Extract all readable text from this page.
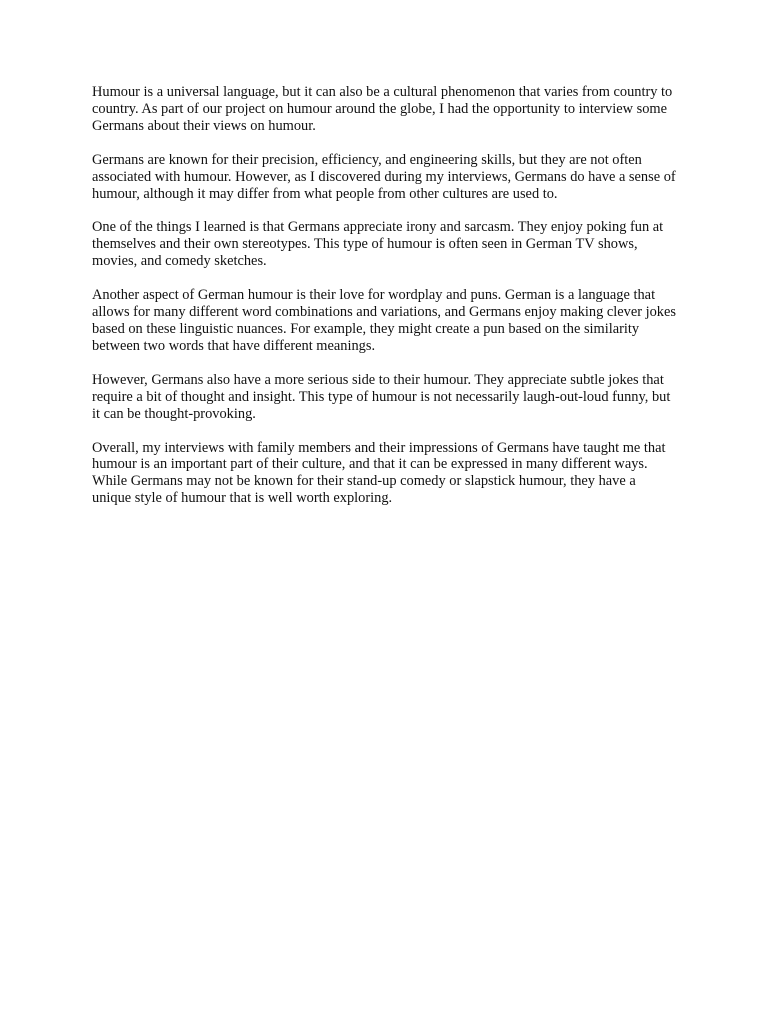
Humour is a universal language, but it can also be a cultural phenomenon that varies from country to country. As part of our project on humour around the globe, I had the opportunity to interview some Germans about their views on humour.

Germans are known for their precision, efficiency, and engineering skills, but they are not often associated with humour. However, as I discovered during my interviews, Germans do have a sense of humour, although it may differ from what people from other cultures are used to.

One of the things I learned is that Germans appreciate irony and sarcasm. They enjoy poking fun at themselves and their own stereotypes. This type of humour is often seen in German TV shows, movies, and comedy sketches.

Another aspect of German humour is their love for wordplay and puns. German is a language that allows for many different word combinations and variations, and Germans enjoy making clever jokes based on these linguistic nuances. For example, they might create a pun based on the similarity between two words that have different meanings.

However, Germans also have a more serious side to their humour. They appreciate subtle jokes that require a bit of thought and insight. This type of humour is not necessarily laugh-out-loud funny, but it can be thought-provoking.

Overall, my interviews with family members and their impressions of Germans have taught me that humour is an important part of their culture, and that it can be expressed in many different ways. While Germans may not be known for their stand-up comedy or slapstick humour, they have a unique style of humour that is well worth exploring.
